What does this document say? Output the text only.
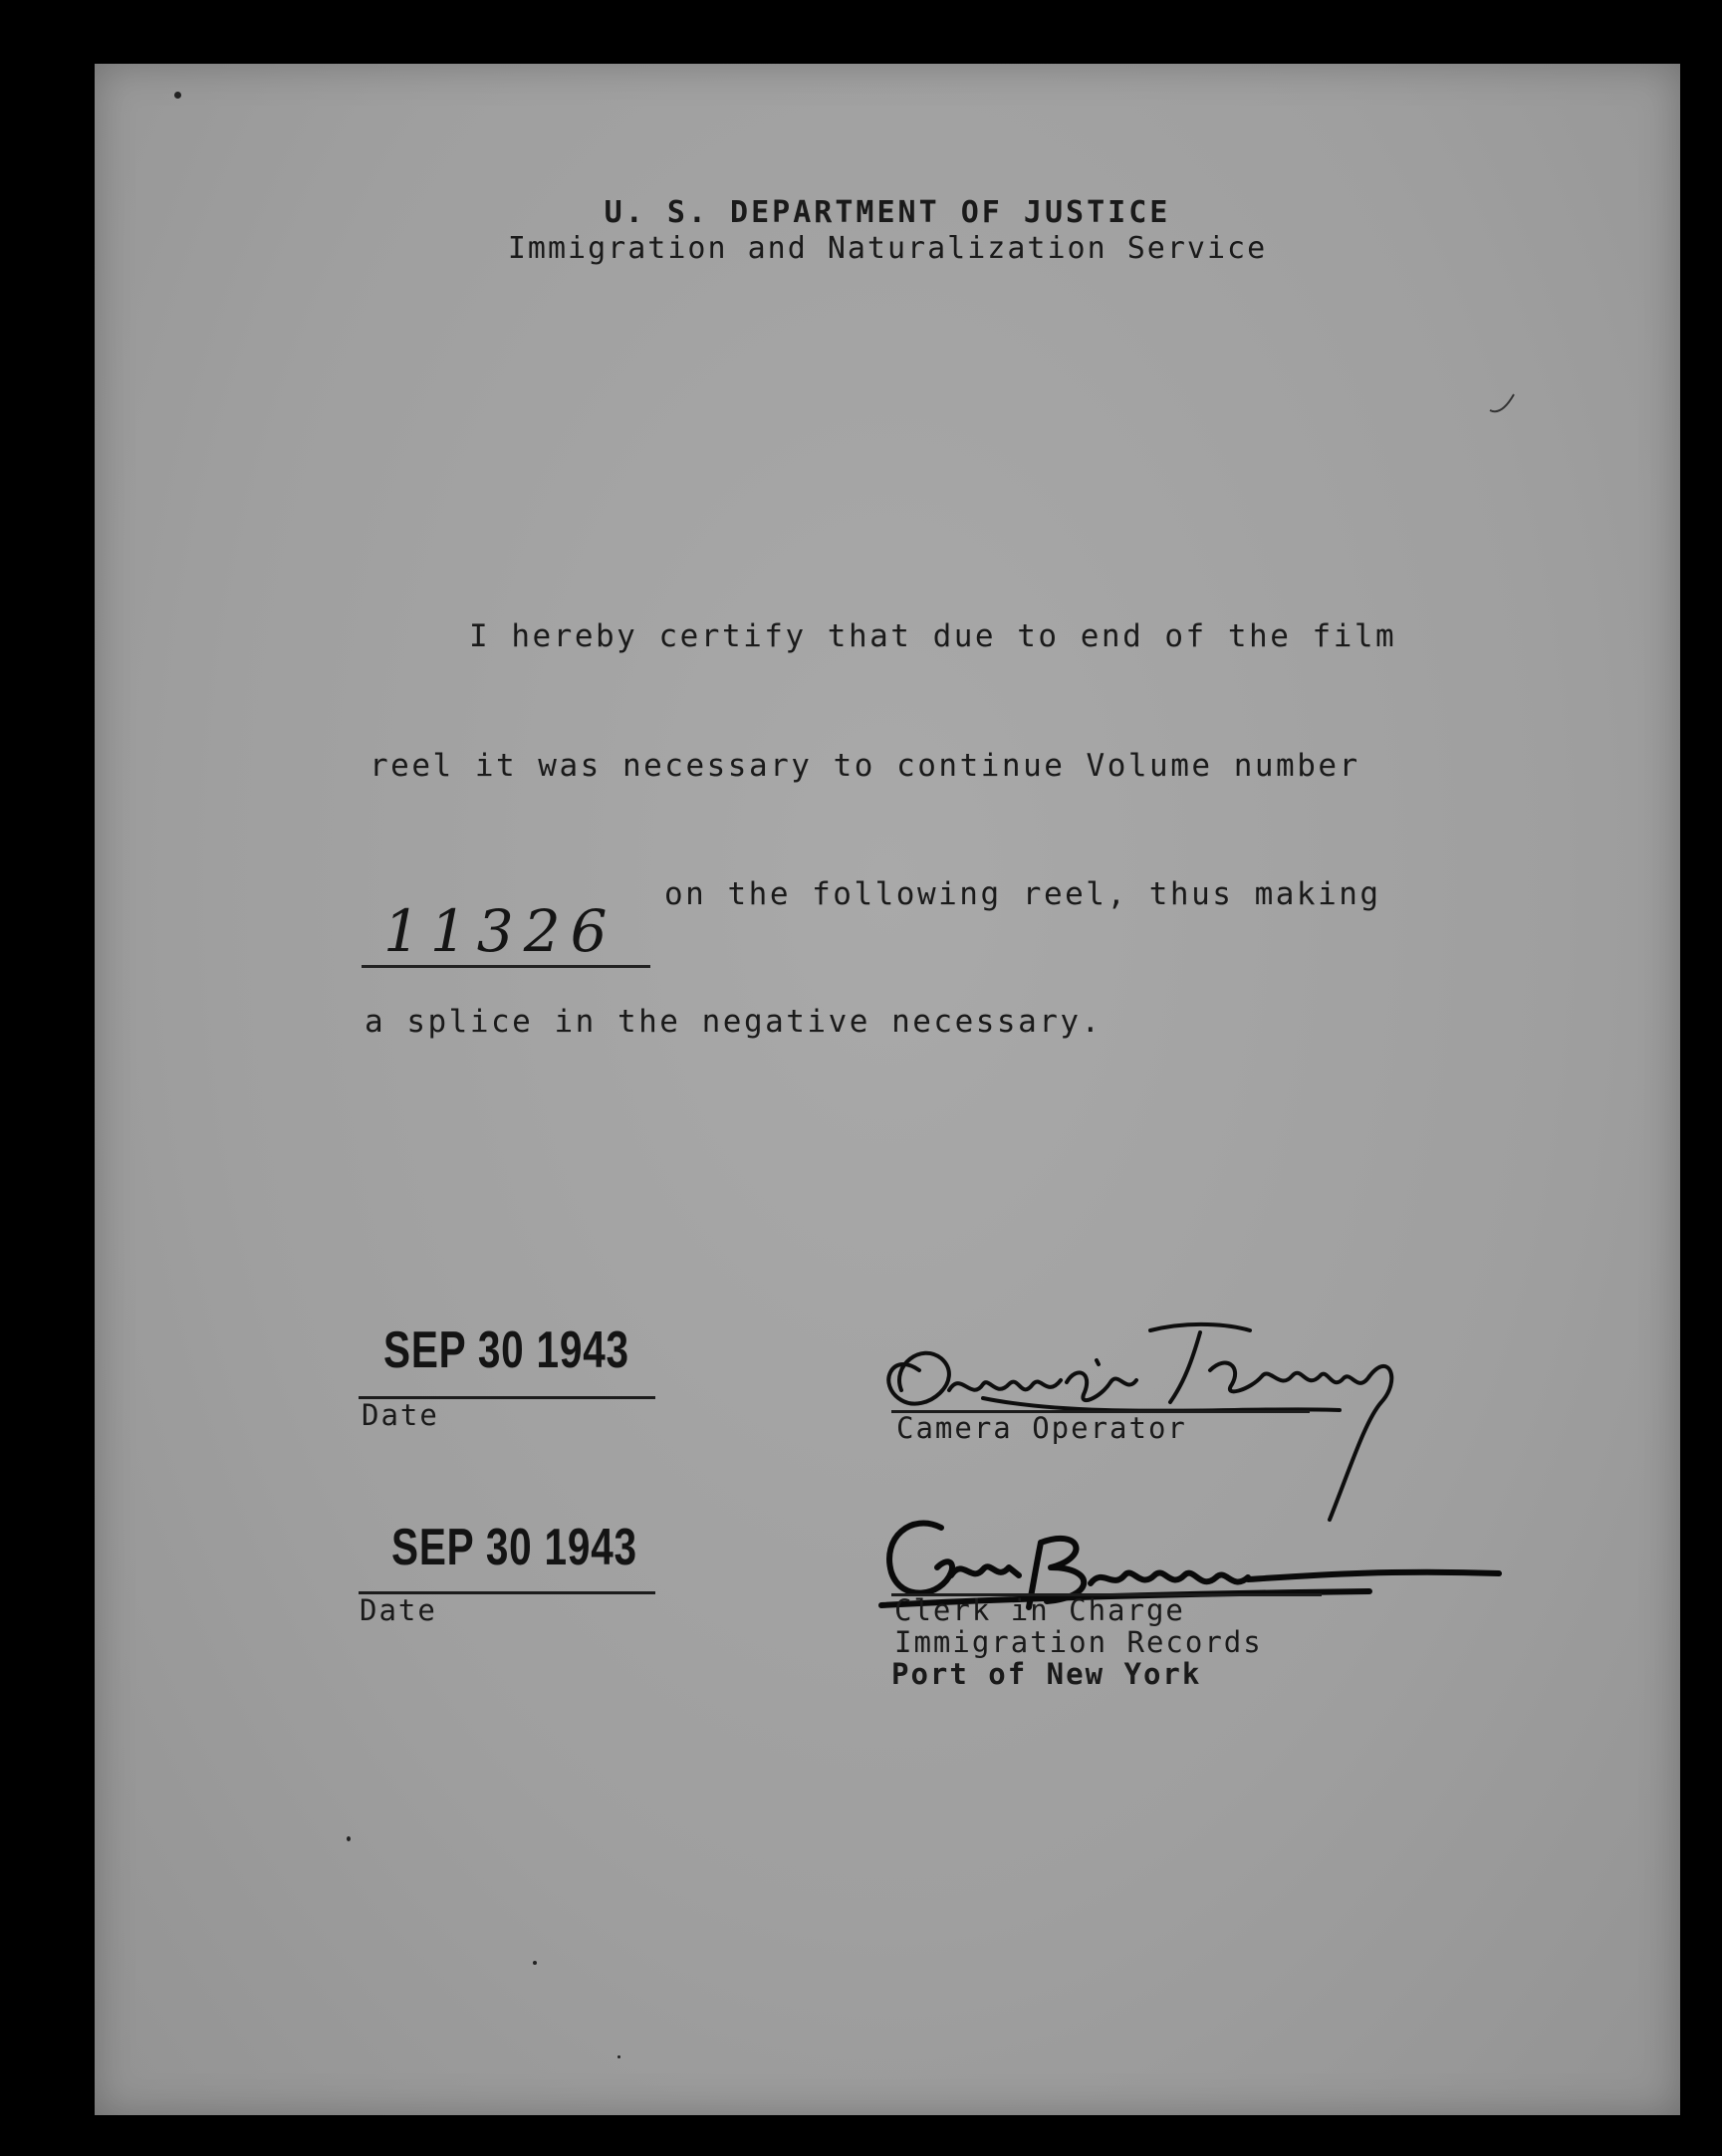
U. S. DEPARTMENT OF JUSTICE
Immigration and Naturalization Service
I hereby certify that due to end of the film
reel it was necessary to continue Volume number
11326
on the following reel, thus making
a splice in the negative necessary.
SEP 30 1943
Date	Camera Operator
SEP 30 1943
Date	Clerk in Charge
Immigration Records
Port of New York
